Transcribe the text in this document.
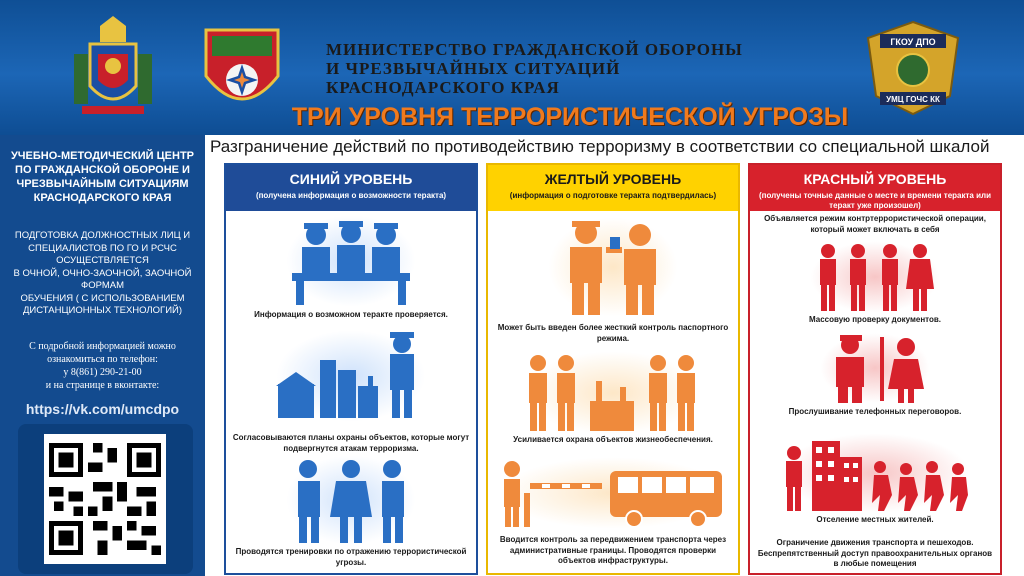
МИНИСТЕРСТВО ГРАЖДАНСКОЙ ОБОРОНЫ
И ЧРЕЗВЫЧАЙНЫХ СИТУАЦИЙ
КРАСНОДАРСКОГО КРАЯ
ГКОУ ДПО
УМЦ ГОЧС КК
ТРИ УРОВНЯ ТЕРРОРИСТИЧЕСКОЙ УГРОЗЫ
Разграничение действий по противодействию терроризму в соответствии со специальной шкалой
УЧЕБНО-МЕТОДИЧЕСКИЙ ЦЕНТР ПО ГРАЖДАНСКОЙ ОБОРОНЕ И ЧРЕЗВЫЧАЙНЫМ СИТУАЦИЯМ КРАСНОДАРСКОГО КРАЯ
ПОДГОТОВКА ДОЛЖНОСТНЫХ ЛИЦ И
СПЕЦИАЛИСТОВ ПО ГО И РСЧС
ОСУЩЕСТВЛЯЕТСЯ
В ОЧНОЙ, ОЧНО-ЗАОЧНОЙ, ЗАОЧНОЙ
ФОРМАМ
ОБУЧЕНИЯ ( С ИСПОЛЬЗОВАНИЕМ
ДИСТАНЦИОННЫХ ТЕХНОЛОГИЙ)
С подробной информацией можно
ознакомиться по телефон:
у 8(861) 290-21-00
и на странице в вконтакте:
https://vk.com/umcdpo
СИНИЙ УРОВЕНЬ
(получена информация о возможности теракта)
Информация о возможном теракте проверяется.
Согласовываются планы охраны объектов, которые могут подвергнутся атакам терроризма.
Проводятся тренировки по отражению террористической угрозы.
ЖЕЛТЫЙ УРОВЕНЬ
(информация о подготовке теракта подтвердилась)
Может быть введен более жесткий контроль паспортного режима.
Усиливается охрана объектов жизнеобеспечения.
Вводится контроль за передвижением транспорта через административные границы. Проводятся проверки объектов инфраструктуры.
КРАСНЫЙ УРОВЕНЬ
(получены точные данные о месте и времени теракта или теракт уже произошел)
Объявляется режим контртеррористической операции, который может включать в себя
Массовую проверку документов.
Прослушивание телефонных переговоров.
Отселение местных жителей.
Ограничение движения транспорта и пешеходов. Беспрепятственный доступ правоохранительных органов в любые помещения
